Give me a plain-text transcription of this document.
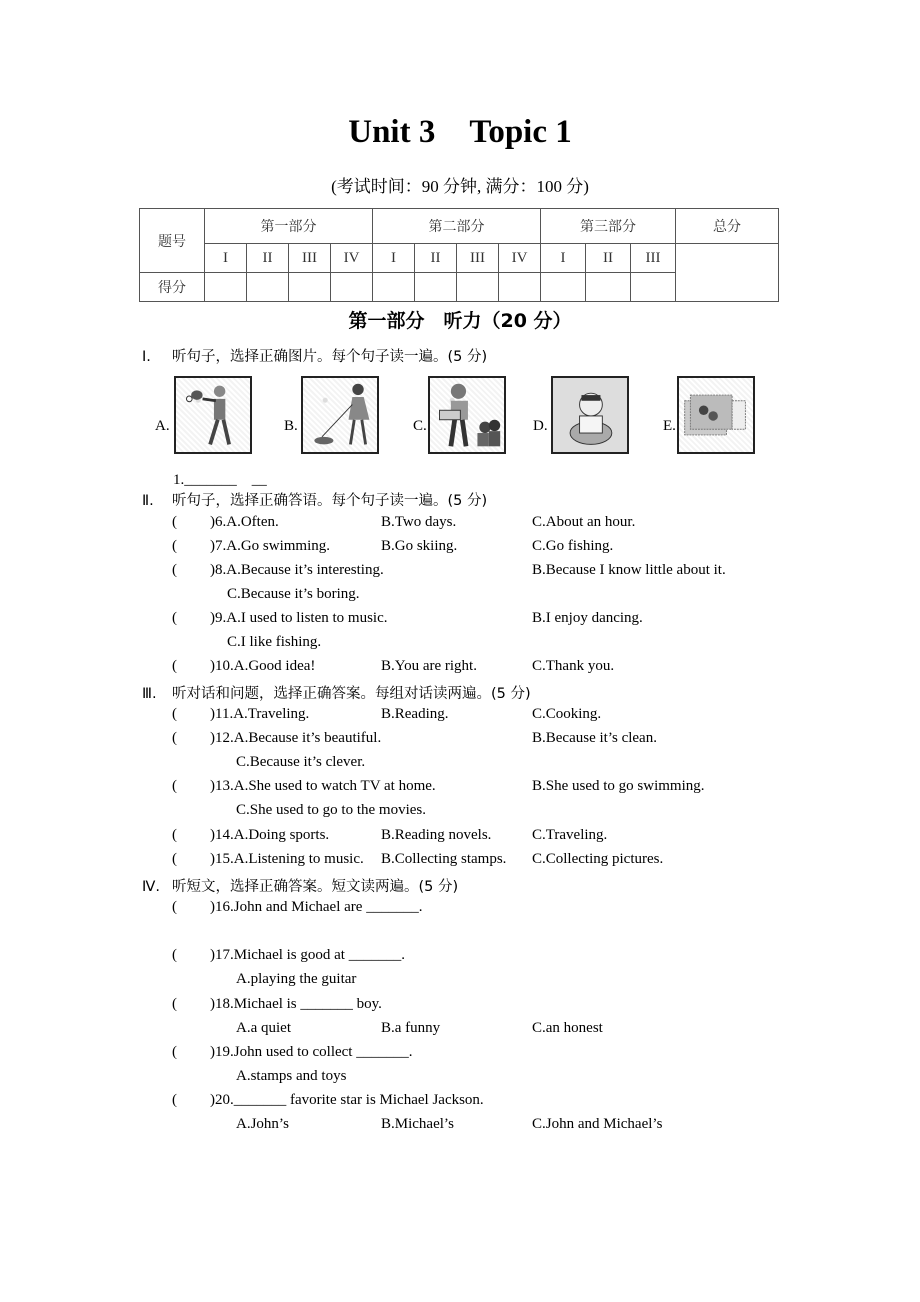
Unit 3 Topic 1
(考试时间：90 分钟, 满分：100 分)
题号	第一部分				第二部分				第三部分			总分
	I	II	III	IV	I	II	III	IV	I	II	III	
得分												
第一部分　听力（20 分）
Ⅰ. 听句子，选择正确图片。每个句子读一遍。(5 分)
A.	B.	C.	D.	E.
1._______　__
Ⅱ. 听句子，选择正确答语。每个句子读一遍。(5 分)
( )6.A.Often.	B.Two days.	C.About an hour.
( )7.A.Go swimming.	B.Go skiing.	C.Go fishing.
( )8.A.Because it’s interesting.	B.Because I know little about it.
C.Because it’s boring.
( )9.A.I used to listen to music.	B.I enjoy dancing.
C.I like fishing.
( )10.A.Good idea!	B.You are right.	C.Thank you.
Ⅲ. 听对话和问题，选择正确答案。每组对话读两遍。(5 分)
( )11.A.Traveling.	B.Reading.	C.Cooking.
( )12.A.Because it’s beautiful.	B.Because it’s clean.
C.Because it’s clever.
( )13.A.She used to watch TV at home.	B.She used to go swimming.
C.She used to go to the movies.
( )14.A.Doing sports.	B.Reading novels.	C.Traveling.
( )15.A.Listening to music. B.Collecting stamps. C.Collecting pictures.
Ⅳ. 听短文，选择正确答案。短文读两遍。(5 分)
( )16.John and Michael are _______.
( )17.Michael is good at _______.
A.playing the guitar
( )18.Michael is _______ boy.
A.a quiet	B.a funny	C.an honest
( )19.John used to collect _______.
A.stamps and toys
( )20._______ favorite star is Michael Jackson.
A.John’s	B.Michael’s	C.John and Michael’s
